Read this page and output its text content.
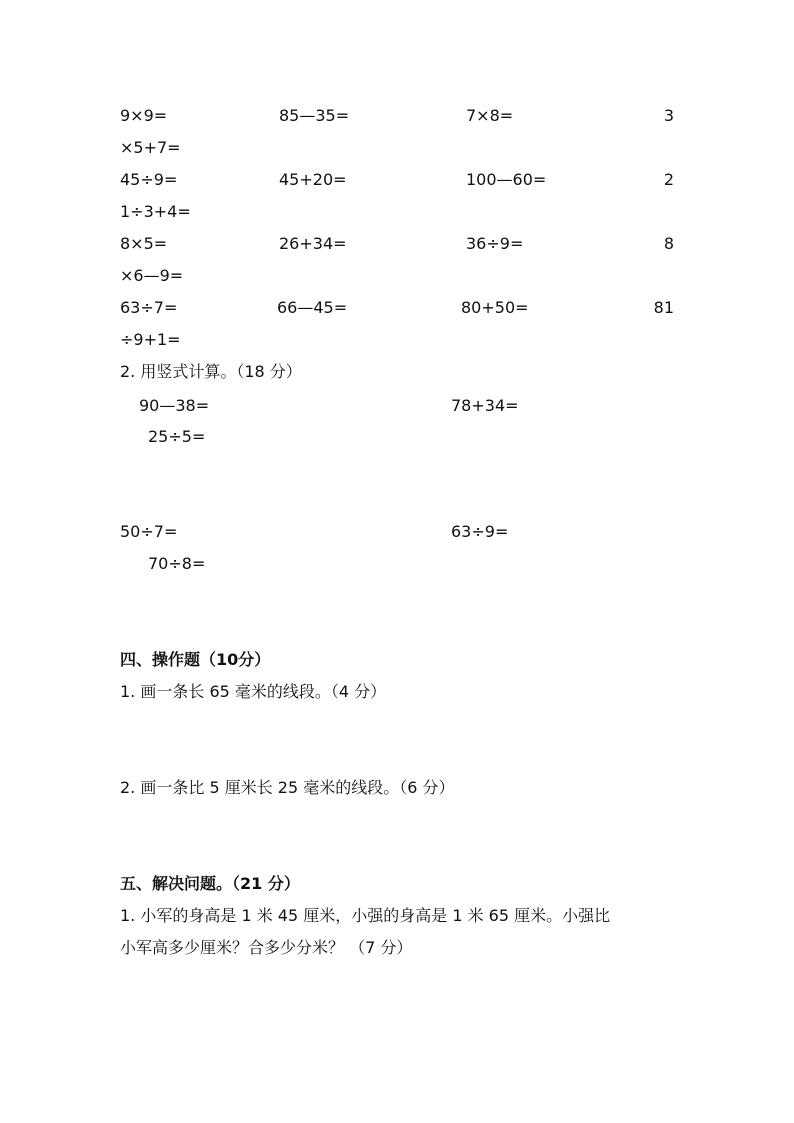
9×9=	85—35=	7×8=	3
×5+7=
45÷9=	45+20=	100—60=	2
1÷3+4=
8×5=	26+34=	36÷9=	8
×6—9=
63÷7=	66—45=	80+50=	81
÷9+1=
2. 用竖式计算。（18 分）
90—38=	78+34=
25÷5=
50÷7=	63÷9=
70÷8=
四、操作题（10分）
1. 画一条长 65 毫米的线段。（4 分）
2. 画一条比 5 厘米长 25 毫米的线段。（6 分）
五、解决问题。（21 分）
1. 小军的身高是 1 米 45 厘米，小强的身高是 1 米 65 厘米。小强比
小军高多少厘米？合多少分米？ （7 分）
